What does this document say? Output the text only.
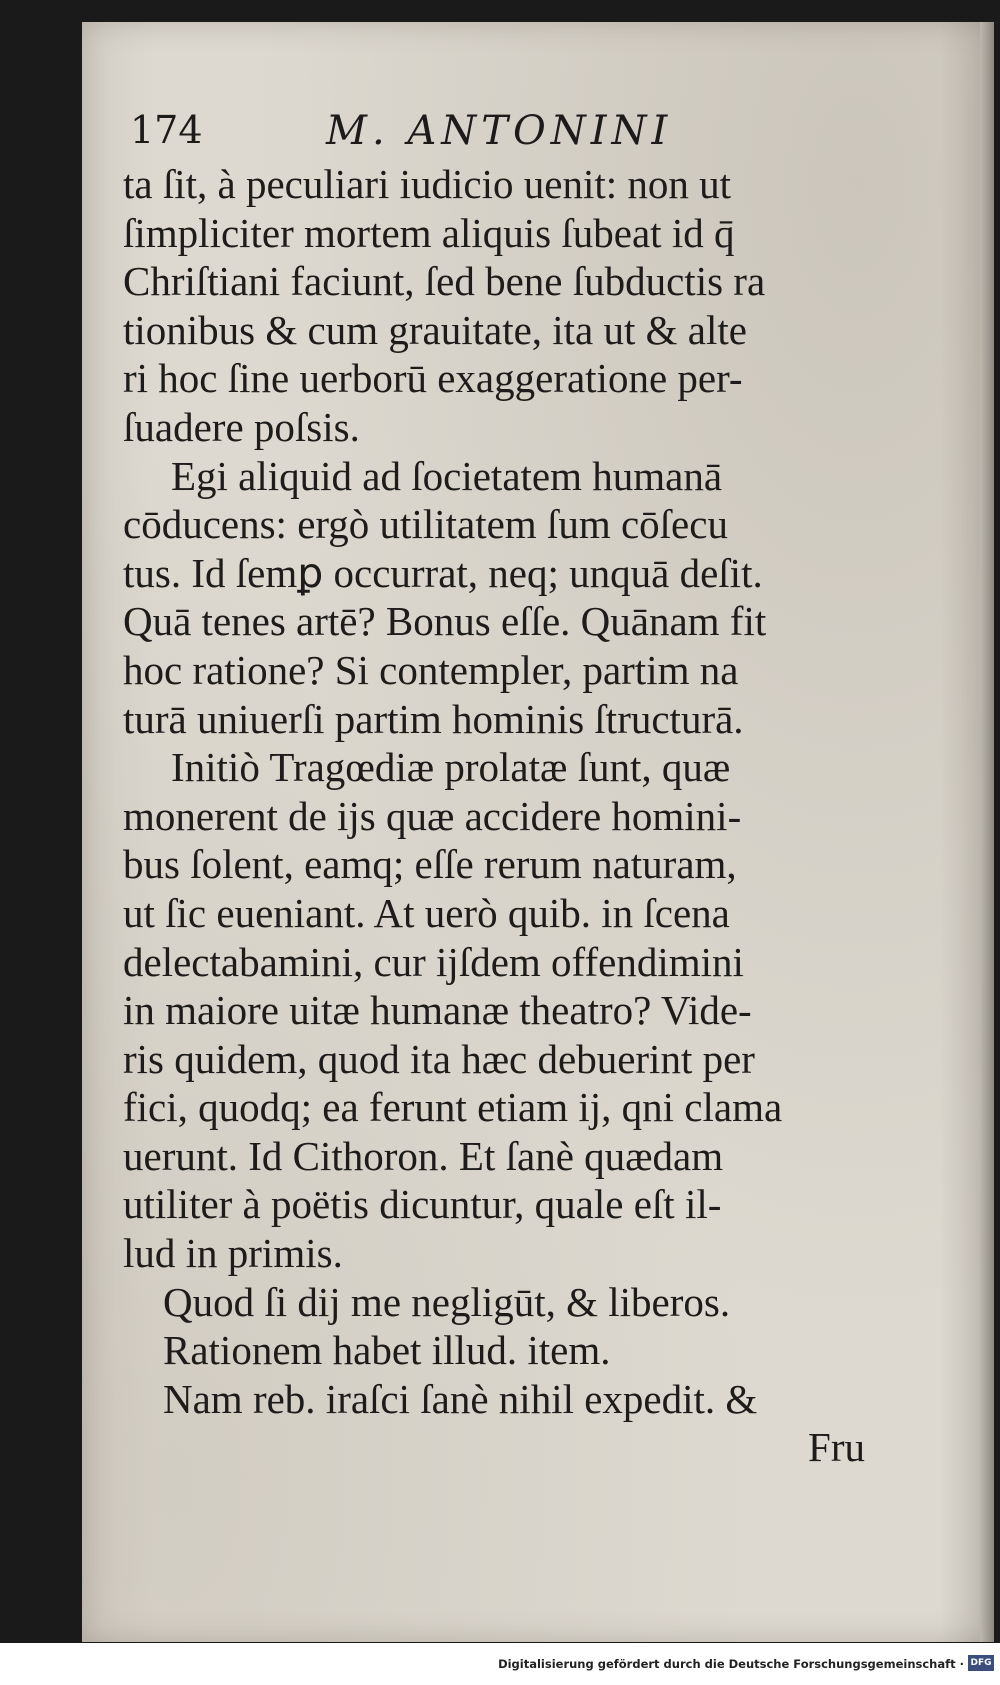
174	M. ANTONINI
ta ſit, à peculiari iudicio uenit: non ut
ſimpliciter mortem aliquis ſubeat id q̄
Chriſtiani faciunt, ſed bene ſubductis ra
tionibus & cum grauitate, ita ut & alte
ri hoc ſine uerborū exaggeratione per-
ſuadere poſsis.
Egi aliquid ad ſocietatem humanā
cōducens: ergò utilitatem ſum cōſecu
tus. Id ſemꝑ occurrat, neq; unquā deſit.
Quā tenes artē? Bonus eſſe. Quānam fit
hoc ratione? Si contempler, partim na
turā uniuerſi partim hominis ſtructurā.
Initiò Tragœdiæ prolatæ ſunt, quæ
monerent de ijs quæ accidere homini-
bus ſolent, eamq; eſſe rerum naturam,
ut ſic eueniant. At uerò quib. in ſcena
delectabamini, cur ijſdem offendimini
in maiore uitæ humanæ theatro? Vide-
ris quidem, quod ita hæc debuerint per
fici, quodq; ea ferunt etiam ij, qni clama
uerunt. Id Cithoron. Et ſanè quædam
utiliter à poëtis dicuntur, quale eſt il-
lud in primis.
Quod ſi dij me negligūt, & liberos.
Rationem habet illud. item.
Nam reb. iraſci ſanè nihil expedit. &
Fru
Digitalisierung gefördert durch die Deutsche Forschungsgemeinschaft · DFG
